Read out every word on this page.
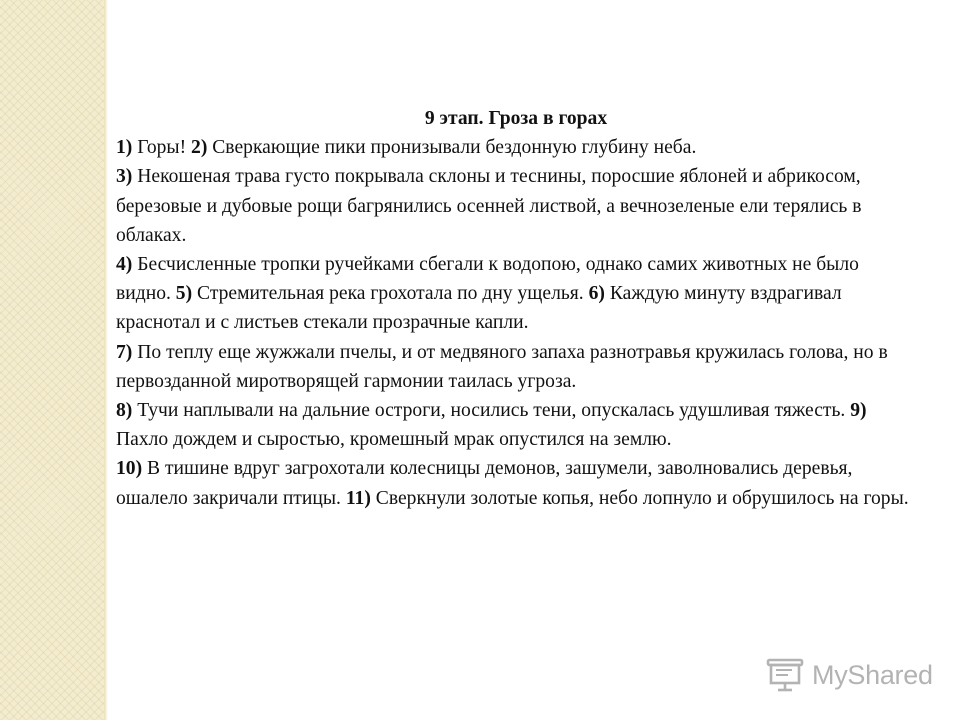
9 этап. Гроза в горах

1) Горы! 2) Сверкающие пики пронизывали бездонную глубину неба.

3) Некошеная трава густо покрывала склоны и теснины, поросшие яблоней и абрикосом, березовые и дубовые рощи багрянились осенней листвой, а вечнозеленые ели терялись в облаках.

4) Бесчисленные тропки ручейками сбегали к водопою, однако самих животных не было видно. 5) Стремительная река грохотала по дну ущелья. 6) Каждую минуту вздрагивал краснотал и с листьев стекали прозрачные капли.

7) По теплу еще жужжали пчелы, и от медвяного запаха разнотравья кружилась голова, но в первозданной миротворящей гармонии таилась угроза.

8) Тучи наплывали на дальние остроги, носились тени, опускалась удушливая тяжесть. 9) Пахло дождем и сыростью, кромешный мрак опустился на землю.

10) В тишине вдруг загрохотали колесницы демонов, зашумели, заволновались деревья, ошалело закричали птицы. 11) Сверкнули золотые копья, небо лопнуло и обрушилось на горы.

MyShared
